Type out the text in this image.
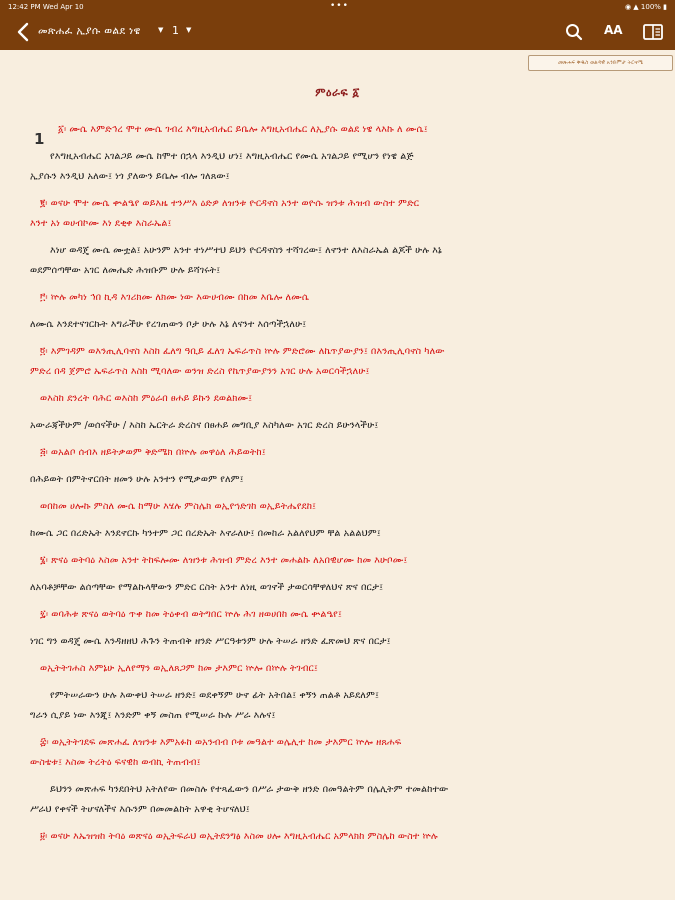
12:42 PM Wed Apr 10	•••	◉ ▲ 100% ▮
መጽሐፈ ኢያሱ ወልደ ነዌ ▼ 1 ▼	AA
መጽሐፍ ቅዱስ ወልዳዊ አንድምታ ትርጓሜ
ምዕራፍ ፩
1
፩፡ ሙሴ እምድኅረ ሞተ ሙሴ ገብረ እግዚአብሔር ይቤሎ እግዚአብሔር ለኢያሱ ወልደ ነዌ ላእኩ ለ ሙሴ፤
የእግዚአብሔር አገልጋይ ሙሴ ከሞተ በኋላ እንዲህ ሆነ፤ እግዚአብሔር የሙሴ አገልጋይ የሚሆን የነዌ ልጅ
ኢያሱን እንዲህ አለው፤ ነጎ ያለውን ይቤሎ ብሎ ገለጸው፤
፪፡ ወናሁ ሞተ ሙሴ ቍልዔየ ወይእዜ ተንሥእ ዕድዎ ለዝንቱ ዮርዳኖስ አንተ ወዮሱ ዝንቱ ሕዝብ ውስተ ምድር
እንተ አነ ወሀብኮሙ እነ ደቂቀ እስራኤል፤
እነሆ ወዳጄ ሙሴ ሙቷል፤ አሁንም አንተ ተነሥተህ ይህን ዮርዳኖስን ተሻገረው፤ ለኖንተ ለእስራኤል ልጆች ሁሉ እኔ
ወደምሰጣቸው አገር ለመሔድ ሕዝቡም ሁሉ ይሻገሩት፤
፫፡ ኵሉ መካነ ኅበ ኪዳ እገሪክሙ ለክሙ ነው እውሀብሙ በከመ እቤሎ ለሙሴ
ለሙሴ እንደተናገርኩት እግራችሁ የረገጠውን ቦታ ሁሉ እኔ ለናንተ እሰጣችኋለሁ፤
፬፡ እምገዳም ወእንጢሊባኖስ እስከ ፈለግ ዓቢይ ፈለገ ኤፍራጥስ ኵሉ ምድሮሙ ለኬጥያውያን፤ በእንጢሊባኖስ ካለው
ምድረ በዳ ጀምሮ ኤፍራጥስ እስከ ሚባለው ወንዝ ድረስ የኬጥያውያንን አገር ሁሉ አወርሳችኋለሁ፤
ወእስከ ደንረት ባሕር ወእስከ ምዕራበ ፀሐይ ይኩን ደወልክሙ፤
አውራጃችሁም /ወሰናችሁ / እስከ ኤርትራ ድረስና በፀሐይ መግቢያ እስካለው አገር ድረስ ይሁንላችሁ፤
፭፡ ወአልቦ ሰብእ ዘይትቃወም ቅድሜክ በኵሉ መዋዕለ ሕይወትከ፤
በሕይወት በምትኖርበት ዘመን ሁሉ አንተን የሚቃወም የለም፤
ወበከመ ሀሎኩ ምስለ ሙሴ ከማሁ እሄሉ ምስሌክ ወኢየኀድገከ ወኢይትሔየደከ፤
ከሙሴ ጋር በረድኤት እንደኖርኩ ካንተም ጋር በረድኤት እኖራለሁ፤ በመከራ አልለየህም ቸል አልልህም፤
፮፡ ጽናዕ ወትባዕ እስመ አንተ ትከፍሎሙ ለዝንቱ ሕዝብ ምድረ እንተ መሐልኩ ለአበዊሆሙ ከመ እሁቦሙ፤
ለአባቶቻቸው ልሰጣቸው የማልኩላቸውን ምድር ርስት አንተ ለነዚ ወገኖች ታወርሳቸዋለህና ጽና በርታ፤
፯፡ ወባሕቱ ጽናዕ ወትባዕ ጥቀ ከመ ትዕቀብ ወትግበር ኵሉ ሕገ ዘወሀበከ ሙሴ ቍልዔየ፤
ነገር ግን ወዳጄ ሙሴ እንዳዘዘህ ሕጉን ትጠብቅ ዘንድ ሥርዓቱንም ሁሉ ትሠራ ዘንድ ፈጽመህ ጽና በርታ፤
ወኢትትገሐስ እምኔሁ ኢለየማን ወኢለጸጋም ከመ ታእምር ኵሎ በኵሉ ትገብር፤
የምትሠራውን ሁሉ እውቀህ ትሠራ ዘንድ፤ ወደቀኝም ሁኖ ፊት አትበል፤ ቀኝን ጠልቶ አይደለም፤
ግራን ሲያይ ነው እንጂ፤ እንድም ቀኝ መስጠ የሚሠራ ኩሉ ሥራ እሉና፤
፰፡ ወኢትትገደፍ መጽሐፈ ለዝንቱ እምአፉከ ወአንብብ ቦቱ መዓልተ ወሌሊተ ከመ ታእምር ኵሎ ዘጸሐፍ
ውስቴቱ፤ እስመ ትረትዕ ፍናዊከ ወብኪ ትጠብብ፤
ይህንን መጽሐፍ ካንደበትህ አትለየው በመስሉ የተጻፈውን በሥራ ታውቅ ዘንድ በመዓልትም በሌሊትም ተመልከተው
ሥራህ የቀናች ትሆናለችና እሱንም በመመልከት አዋቂ ትሆናለህ፤
፱፡ ወናሁ እኤዝዝከ ትባዕ ወጽናዕ ወኢትፍራህ ወኢትደንግፅ እስመ ሀሎ እግዚአብሔር አምላክከ ምስሌከ ውስተ ኵሉ
